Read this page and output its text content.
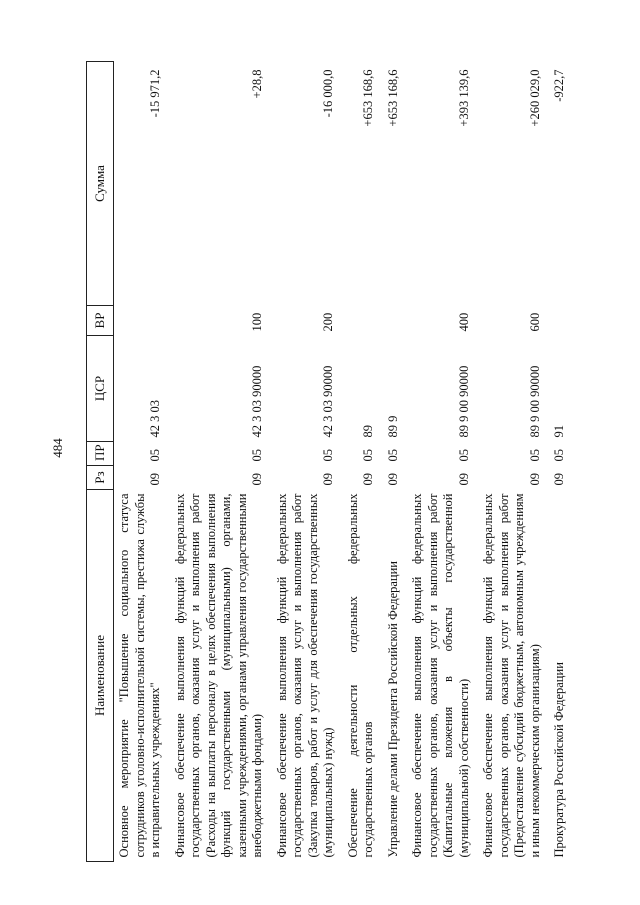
484
Наименование	Рз	ПР	ЦСР	ВР	Сумма
Основное мероприятие "Повышение социального статуса сотрудников уголовно-исполнительной системы, престижа службы в исправительных учреждениях"	09	05	42 3 03		-15 971,2
Финансовое обеспечение выполнения функций федеральных государственных органов, оказания услуг и выполнения работ (Расходы на выплаты персоналу в целях обеспечения выполнения функций государственными (муниципальными) органами, казенными учреждениями, органами управления государственными внебюджетными фондами)	09	05	42 3 03 90000	100	+28,8
Финансовое обеспечение выполнения функций федеральных государственных органов, оказания услуг и выполнения работ (Закупка товаров, работ и услуг для обеспечения государственных (муниципальных) нужд)	09	05	42 3 03 90000	200	-16 000,0
Обеспечение деятельности отдельных федеральных государственных органов	09	05	89		+653 168,6
Управление делами Президента Российской Федерации	09	05	89 9		+653 168,6
Финансовое обеспечение выполнения функций федеральных государственных органов, оказания услуг и выполнения работ (Капитальные вложения в объекты государственной (муниципальной) собственности)	09	05	89 9 00 90000	400	+393 139,6
Финансовое обеспечение выполнения функций федеральных государственных органов, оказания услуг и выполнения работ (Предоставление субсидий бюджетным, автономным учреждениям и иным некоммерческим организациям)	09	05	89 9 00 90000	600	+260 029,0
Прокуратура Российской Федерации	09	05	91		-922,7
